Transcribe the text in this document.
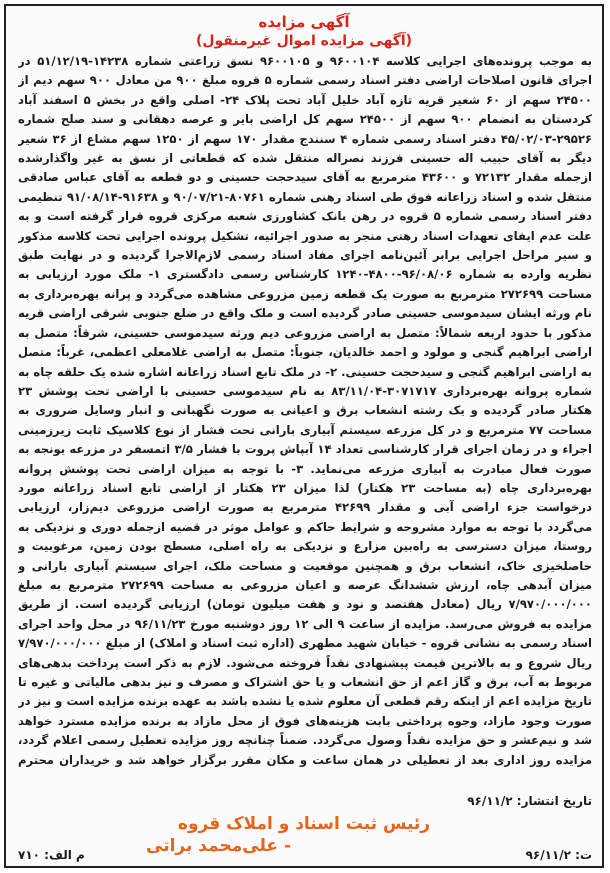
آگهی مزایده
(آگهی مزایده اموال غیرمنقول)

به موجب پرونده‌های اجرایی کلاسه ۹۶۰۰۱۰۴ و ۹۶۰۰۱۰۵ نسق زراعتی شماره ۱۴۲۳۸-۵۱/۱۲/۱۹ در اجرای قانون اصلاحات اراضی دفتر اسناد رسمی شماره ۵ قروه مبلغ ۹۰۰ من معادل ۹۰۰ سهم دیم از ۲۴۵۰۰ سهم از ۶۰ شعیر قریه تازه آباد خلیل آباد تحت پلاک ۲۴- اصلی واقع در بخش ۵ اسفند آباد کردستان به انضمام ۹۰۰ سهم از ۲۴۵۰۰ سهم کل اراضی بایر و عرصه دهقانی و سند صلح شماره ۲۹۵۲۶-۴۵/۰۲/۰۳ دفتر اسناد رسمی شماره ۴ سنندج مقدار ۱۷۰ سهم از ۱۲۵۰ سهم مشاع از ۳۶ شعیر دیگر به آقای حبیب اله حسینی فرزند نصراله منتقل شده که قطعاتی از نسق به غیر واگذارشده ازجمله مقدار ۷۲۱۳۲ و ۴۳۶۰۰ مترمربع به آقای سیدحجت حسینی و دو قطعه به آقای عباس صادقی منتقل شده و اسناد زراعانه فوق طی اسناد رهنی شماره ۸۰۷۶۱-۹۰/۰۷/۲۱ و ۹۱۶۳۸-۹۱/۰۸/۱۴ تنظیمی دفتر اسناد رسمی شماره ۵ قروه در رهن بانک کشاورزی شعبه مرکزی قروه قرار گرفته است و به علت عدم ایفای تعهدات اسناد رهنی منجر به صدور اجرائیه، تشکیل پرونده اجرایی تحت کلاسه مذکور و سیر مراحل اجرایی برابر آئین‌نامه اجرای مفاد اسناد رسمی لازم‌الاجرا گردیده و در نهایت طبق نظریه وارده به شماره ۹۶/۰۸/۰۶-۴۸۰۰-۱۲۴۰ کارشناس رسمی دادگستری ۱- ملک مورد ارزیابی به مساحت ۲۷۲۶۹۹ مترمربع به صورت یک قطعه زمین مزروعی مشاهده می‌گردد و پرانه بهره‌برداری به نام ورثه ایشان سیدموسی حسینی صادر گردیده است و ملک واقع در ضلع جنوبی شرقی اراضی قریه مذکور با حدود اربعه شمالاً: متصل به اراضی مزروعی دیم ورثه سیدموسی حسینی، شرقاً: متصل به اراضی ابراهیم گنجی و مولود و احمد خالدیان، جنوباً: متصل به اراضی غلامعلی اعظمی، غرباً: متصل به اراضی ابراهیم گنجی و سیدحجت حسینی. ۲- در ملک تابع اسناد زراعانه اشاره شده یک حلقه چاه به شماره پروانه بهره‌برداری ۳۰۷۱۷۱۷-۸۳/۱۱/۰۴ به نام سیدموسی حسینی با اراضی تحت پوشش ۲۳ هکتار صادر گردیده و یک رشته انشعاب برق و اعیانی به صورت نگهبانی و انبار وسایل ضروری به مساحت ۷۷ مترمربع و در کل مزرعه سیستم آبیاری بارانی تحت فشار از نوع کلاسیک ثابت زیرزمینی اجراء و در زمان اجرای قرار کارشناسی تعداد ۱۴ آبپاش پروت با فشار ۳/۵ اتمسفر در مزرعه یونجه به صورت فعال مبادرت به آبیاری مزرعه می‌نماید. ۳- با توجه به میزان اراضی تحت پوشش پروانه بهره‌برداری چاه (به مساحت ۲۳ هکتار) لذا میزان ۲۳ هکتار از اراضی تابع اسناد زراعانه مورد درخواست جزء اراضی آبی و مقدار ۴۲۶۹۹ مترمربع به صورت اراضی مزروعی دیم‌زار، ارزیابی می‌گردد با توجه به موارد مشروحه و شرایط حاکم و عوامل موثر در قضیه ازجمله دوری و نزدیکی به روستا، میزان دسترسی به راه‌بین مزارع و نزدیکی به راه اصلی، مسطح بودن زمین، مرغوبیت و حاصلخیزی خاک، انشعاب برق و همچنین موقعیت و مساحت ملک، اجرای سیستم آبیاری بارانی و میزان آبدهی چاه، ارزش ششدانگ عرصه و اعیان مزروعی به مساحت ۲۷۲۶۹۹ مترمربع به مبلغ ۷/۹۷۰/۰۰۰/۰۰۰ ریال (معادل هفتصد و نود و هفت میلیون تومان) ارزیابی گردیده است. از طریق مزایده به فروش می‌رسد. مزایده از ساعت ۹ الی ۱۲ روز دوشنبه مورخ ۹۶/۱۱/۲۳ در محل واحد اجرای اسناد رسمی به نشانی قروه - خیابان شهید مطهری (اداره ثبت اسناد و املاک) از مبلغ ۷/۹۷۰/۰۰۰/۰۰۰ ریال شروع و به بالاترین قیمت پیشنهادی نقداً فروخته می‌شود. لازم به ذکر است پرداخت بدهی‌های مربوط به آب، برق و گاز اعم از حق انشعاب و یا حق اشتراک و مصرف و نیز بدهی مالیاتی و غیره تا تاریخ مزایده اعم از اینکه رقم قطعی آن معلوم شده یا نشده باشد به عهده برنده مزایده است و نیز در صورت وجود مازاد، وجوه پرداختی بابت هزینه‌های فوق از محل مازاد به برنده مزایده مسترد خواهد شد و نیم‌عشر و حق مزایده نقداً وصول می‌گردد. ضمناً چنانچه روز مزایده تعطیل رسمی اعلام گردد، مزایده روز اداری بعد از تعطیلی در همان ساعت و مکان مقرر برگزار خواهد شد و خریداران محترم

تاریخ انتشار: ۹۶/۱۱/۲
رئیس ثبت اسناد و املاک قروه
- علی‌محمد براتی	ت: ۹۶/۱۱/۲
م الف: ۷۱۰
